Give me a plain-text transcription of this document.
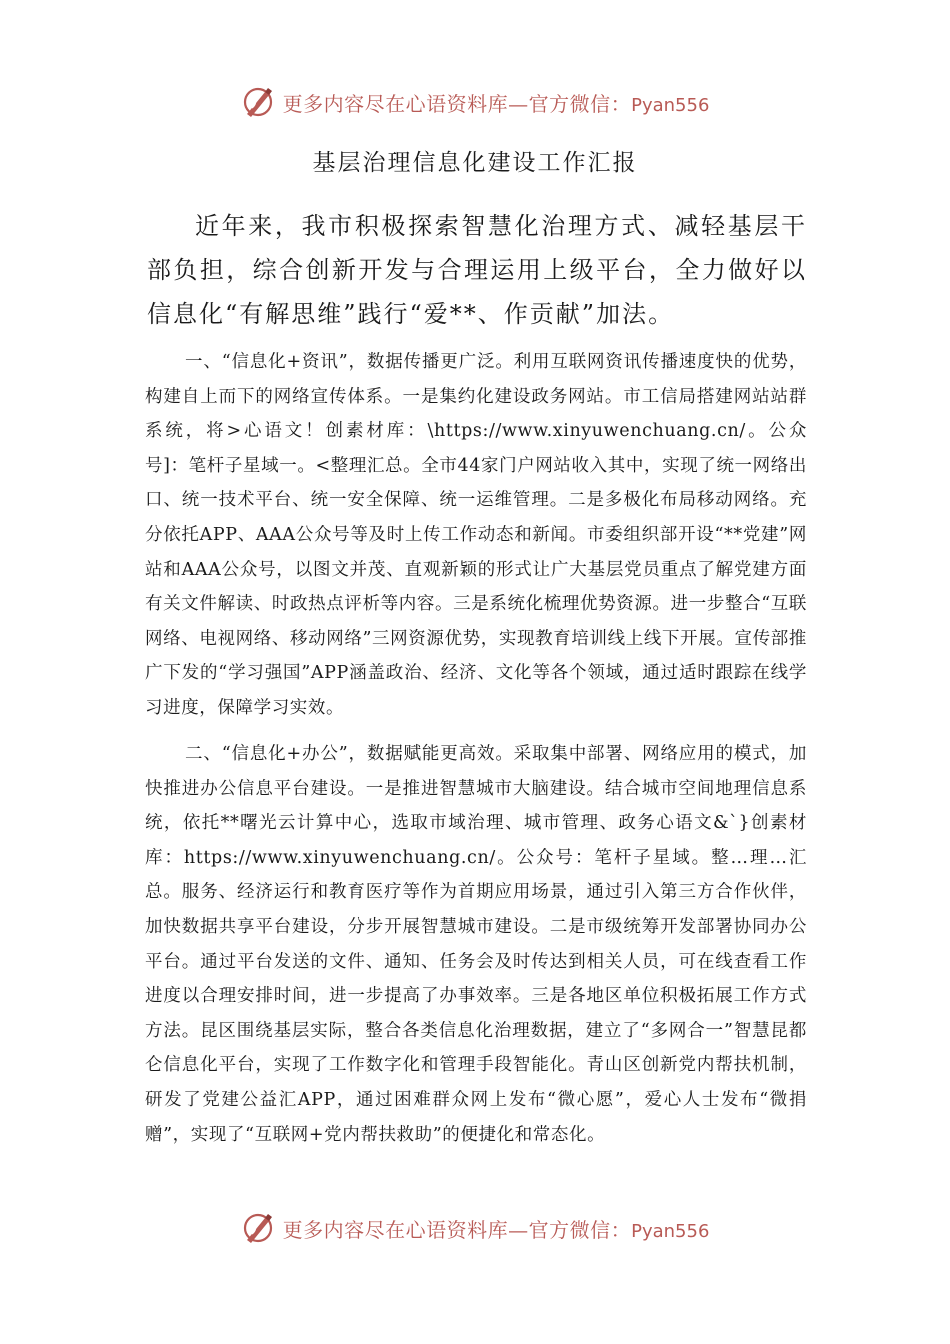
更多内容尽在心语资料库—官方微信：Pyan556
基层治理信息化建设工作汇报

近年来，我市积极探索智慧化治理方式、减轻基层干部负担，综合创新开发与合理运用上级平台，全力做好以信息化“有解思维”践行“爱**、作贡献”加法。

一、“信息化+资讯”，数据传播更广泛。利用互联网资讯传播速度快的优势，构建自上而下的网络宣传体系。一是集约化建设政务网站。市工信局搭建网站站群系统，将>心语文！创素材库：\https://www.xinyuwenchuang.cn/。公众号]：笔杆子星域一。<整理汇总。全市44家门户网站收入其中，实现了统一网络出口、统一技术平台、统一安全保障、统一运维管理。二是多极化布局移动网络。充分依托APP、AAA公众号等及时上传工作动态和新闻。市委组织部开设“**党建”网站和AAA公众号，以图文并茂、直观新颖的形式让广大基层党员重点了解党建方面有关文件解读、时政热点评析等内容。三是系统化梳理优势资源。进一步整合“互联网络、电视网络、移动网络”三网资源优势，实现教育培训线上线下开展。宣传部推广下发的“学习强国”APP涵盖政治、经济、文化等各个领域，通过适时跟踪在线学习进度，保障学习实效。

二、“信息化+办公”，数据赋能更高效。采取集中部署、网络应用的模式，加快推进办公信息平台建设。一是推进智慧城市大脑建设。结合城市空间地理信息系统，依托**曙光云计算中心，选取市域治理、城市管理、政务心语文&`}创素材库：https://www.xinyuwenchuang.cn/。公众号：笔杆子星域。整…理…汇总。服务、经济运行和教育医疗等作为首期应用场景，通过引入第三方合作伙伴，加快数据共享平台建设，分步开展智慧城市建设。二是市级统筹开发部署协同办公平台。通过平台发送的文件、通知、任务会及时传达到相关人员，可在线查看工作进度以合理安排时间，进一步提高了办事效率。三是各地区单位积极拓展工作方式方法。昆区围绕基层实际，整合各类信息化治理数据，建立了“多网合一”智慧昆都仑信息化平台，实现了工作数字化和管理手段智能化。青山区创新党内帮扶机制，研发了党建公益汇APP，通过困难群众网上发布“微心愿”，爱心人士发布“微捐赠”，实现了“互联网+党内帮扶救助”的便捷化和常态化。

更多内容尽在心语资料库—官方微信：Pyan556
